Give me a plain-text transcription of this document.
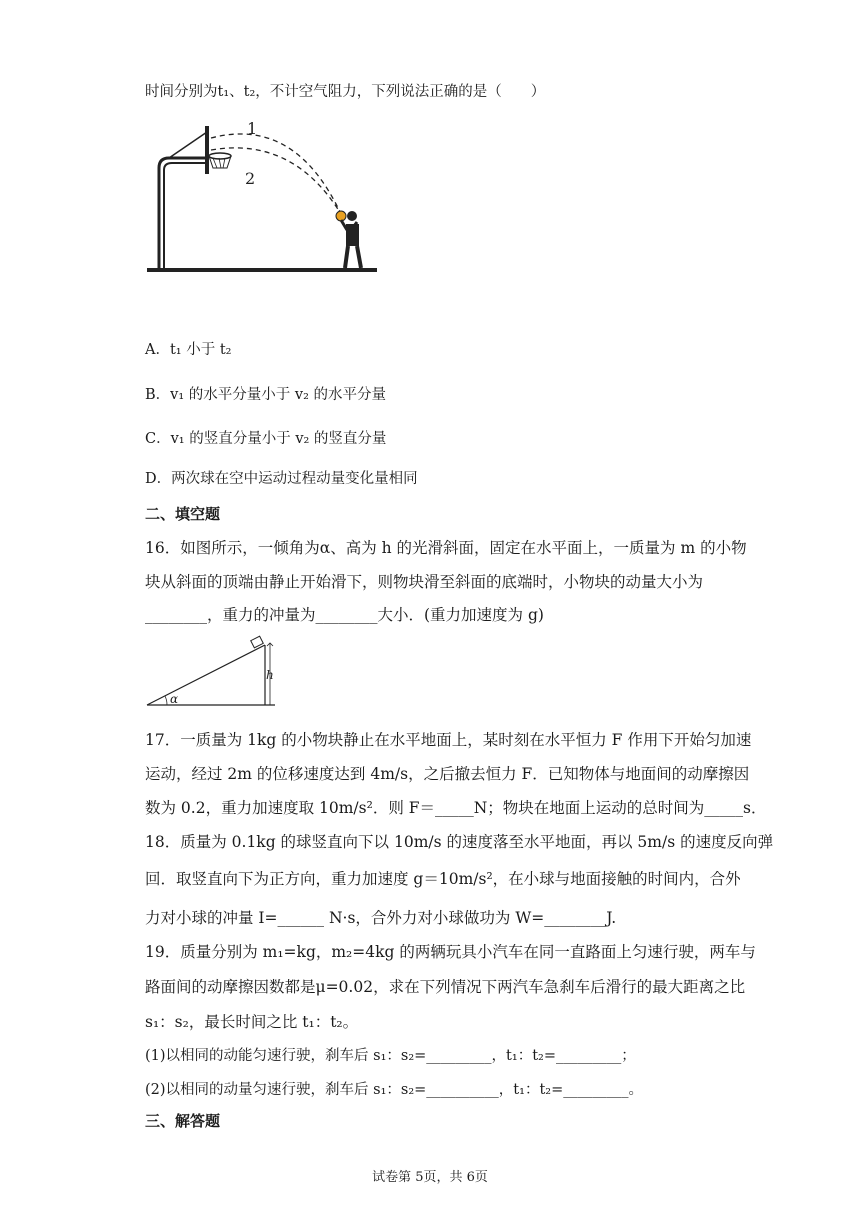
时间分别为t₁、t₂，不计空气阻力，下列说法正确的是（　　）
1
2
A．t₁ 小于 t₂
B．v₁ 的水平分量小于 v₂ 的水平分量
C．v₁ 的竖直分量小于 v₂ 的竖直分量
D．两次球在空中运动过程动量变化量相同
二、填空题
16．如图所示，一倾角为α、高为 h 的光滑斜面，固定在水平面上，一质量为 m 的小物
块从斜面的顶端由静止开始滑下，则物块滑至斜面的底端时，小物块的动量大小为
________，重力的冲量为________大小．(重力加速度为 g)
h
α
17．一质量为 1kg 的小物块静止在水平地面上，某时刻在水平恒力 F 作用下开始匀加速
运动，经过 2m 的位移速度达到 4m/s，之后撤去恒力 F．已知物体与地面间的动摩擦因
数为 0.2，重力加速度取 10m/s²．则 F＝_____N；物块在地面上运动的总时间为_____s．
18．质量为 0.1kg 的球竖直向下以 10m/s 的速度落至水平地面，再以 5m/s 的速度反向弹
回．取竖直向下为正方向，重力加速度 g＝10m/s²，在小球与地面接触的时间内，合外
力对小球的冲量 I=______ N·s，合外力对小球做功为 W=________J.
19．质量分别为 m₁=kg，m₂=4kg 的两辆玩具小汽车在同一直路面上匀速行驶，两车与
路面间的动摩擦因数都是μ=0.02，求在下列情况下两汽车急刹车后滑行的最大距离之比
s₁：s₂，最长时间之比 t₁：t₂。
(1)以相同的动能匀速行驶，刹车后 s₁：s₂=_________，t₁：t₂=_________；
(2)以相同的动量匀速行驶，刹车后 s₁：s₂=__________，t₁：t₂=_________。
三、解答题
试卷第 5页，共 6页
